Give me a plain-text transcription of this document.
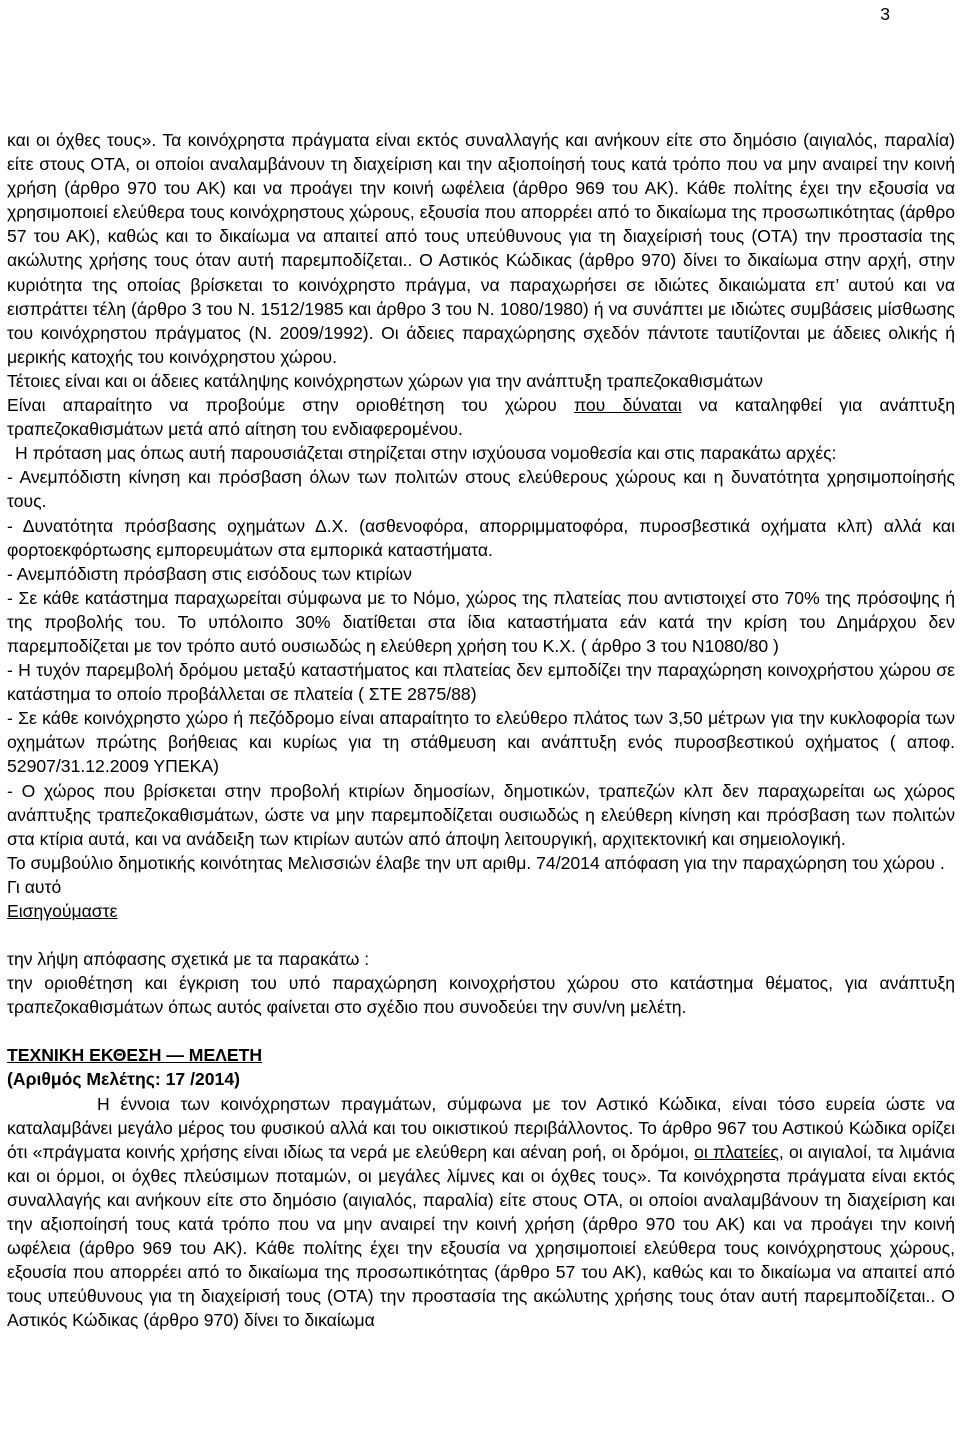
3

και οι όχθες τους». Τα κοινόχρηστα πράγματα είναι εκτός συναλλαγής και ανήκουν είτε στο δημόσιο (αιγιαλός, παραλία) είτε στους ΟΤΑ, οι οποίοι αναλαμβάνουν τη διαχείριση και την αξιοποίησή τους κατά τρόπο που να μην αναιρεί την κοινή χρήση (άρθρο 970 του ΑΚ) και να προάγει την κοινή ωφέλεια (άρθρο 969 του ΑΚ). Κάθε πολίτης έχει την εξουσία να χρησιμοποιεί ελεύθερα τους κοινόχρηστους χώρους, εξουσία που απορρέει από το δικαίωμα της προσωπικότητας (άρθρο 57 του ΑΚ), καθώς και το δικαίωμα να απαιτεί από τους υπεύθυνους για τη διαχείρισή τους (ΟΤΑ) την προστασία της ακώλυτης χρήσης τους όταν αυτή παρεμποδίζεται.. Ο Αστικός Κώδικας (άρθρο 970) δίνει το δικαίωμα στην αρχή, στην κυριότητα της οποίας βρίσκεται το κοινόχρηστο πράγμα, να παραχωρήσει σε ιδιώτες δικαιώματα επ’ αυτού και να εισπράττει τέλη (άρθρο 3 του Ν. 1512/1985 και άρθρο 3 του Ν. 1080/1980) ή να συνάπτει με ιδιώτες συμβάσεις μίσθωσης του κοινόχρηστου πράγματος (Ν. 2009/1992). Οι άδειες παραχώρησης σχεδόν πάντοτε ταυτίζονται με άδειες ολικής ή μερικής κατοχής του κοινόχρηστου χώρου.

Τέτοιες είναι και οι άδειες κατάληψης κοινόχρηστων χώρων για την ανάπτυξη τραπεζοκαθισμάτων

Είναι απαραίτητο να προβούμε στην οριοθέτηση του χώρου που δύναται να καταληφθεί για ανάπτυξη τραπεζοκαθισμάτων μετά από αίτηση του ενδιαφερομένου.

Η πρόταση μας όπως αυτή παρουσιάζεται στηρίζεται στην ισχύουσα νομοθεσία και στις παρακάτω αρχές:

- Ανεμπόδιστη κίνηση και πρόσβαση όλων των πολιτών στους ελεύθερους χώρους και η δυνατότητα χρησιμοποίησής τους.

- Δυνατότητα πρόσβασης οχημάτων Δ.Χ. (ασθενοφόρα, απορριμματοφόρα, πυροσβεστικά οχήματα κλπ) αλλά και φορτοεκφόρτωσης εμπορευμάτων στα εμπορικά καταστήματα.

- Ανεμπόδιστη πρόσβαση στις εισόδους των κτιρίων

- Σε κάθε κατάστημα παραχωρείται σύμφωνα με το Νόμο, χώρος της πλατείας που αντιστοιχεί στο 70% της πρόσοψης ή της προβολής του. Το υπόλοιπο 30% διατίθεται στα ίδια καταστήματα εάν κατά την κρίση του Δημάρχου δεν παρεμποδίζεται με τον τρόπο αυτό ουσιωδώς η ελεύθερη χρήση του Κ.Χ. ( άρθρο 3 του Ν1080/80 )

- Η τυχόν παρεμβολή δρόμου μεταξύ καταστήματος και πλατείας δεν εμποδίζει την παραχώρηση κοινοχρήστου χώρου σε κατάστημα το οποίο προβάλλεται σε πλατεία ( ΣΤΕ 2875/88)

- Σε κάθε κοινόχρηστο χώρο ή πεζόδρομο είναι απαραίτητο το ελεύθερο πλάτος των 3,50 μέτρων για την κυκλοφορία των οχημάτων πρώτης βοήθειας και κυρίως για τη στάθμευση και ανάπτυξη ενός πυροσβεστικού οχήματος ( αποφ. 52907/31.12.2009 ΥΠΕΚΑ)

- Ο χώρος που βρίσκεται στην προβολή κτιρίων δημοσίων, δημοτικών, τραπεζών κλπ δεν παραχωρείται ως χώρος ανάπτυξης τραπεζοκαθισμάτων, ώστε να μην παρεμποδίζεται ουσιωδώς η ελεύθερη κίνηση και πρόσβαση των πολιτών στα κτίρια αυτά, και να ανάδειξη των κτιρίων αυτών από άποψη λειτουργική, αρχιτεκτονική και σημειολογική.

Το συμβούλιο δημοτικής κοινότητας Μελισσιών έλαβε την υπ αριθμ. 74/2014 απόφαση για την παραχώρηση του χώρου .

Γι αυτό

Εισηγούμαστε

την λήψη απόφασης σχετικά με τα παρακάτω :

την οριοθέτηση και έγκριση του υπό παραχώρηση κοινοχρήστου χώρου στο κατάστημα θέματος, για ανάπτυξη τραπεζοκαθισμάτων όπως αυτός φαίνεται στο σχέδιο που συνοδεύει την συν/νη μελέτη.

ΤΕΧΝΙΚΗ ΕΚΘΕΣΗ — ΜΕΛΕΤΗ

(Αριθμός Μελέτης: 17 /2014)

Η έννοια των κοινόχρηστων πραγμάτων, σύμφωνα με τον Αστικό Κώδικα, είναι τόσο ευρεία ώστε να καταλαμβάνει μεγάλο μέρος του φυσικού αλλά και του οικιστικού περιβάλλοντος. Το άρθρο 967 του Αστικού Κώδικα ορίζει ότι «πράγματα κοινής χρήσης είναι ιδίως τα νερά με ελεύθερη και αέναη ροή, οι δρόμοι, οι πλατείες, οι αιγιαλοί, τα λιμάνια και οι όρμοι, οι όχθες πλεύσιμων ποταμών, οι μεγάλες λίμνες και οι όχθες τους». Τα κοινόχρηστα πράγματα είναι εκτός συναλλαγής και ανήκουν είτε στο δημόσιο (αιγιαλός, παραλία) είτε στους ΟΤΑ, οι οποίοι αναλαμβάνουν τη διαχείριση και την αξιοποίησή τους κατά τρόπο που να μην αναιρεί την κοινή χρήση (άρθρο 970 του ΑΚ) και να προάγει την κοινή ωφέλεια (άρθρο 969 του ΑΚ). Κάθε πολίτης έχει την εξουσία να χρησιμοποιεί ελεύθερα τους κοινόχρηστους χώρους, εξουσία που απορρέει από το δικαίωμα της προσωπικότητας (άρθρο 57 του ΑΚ), καθώς και το δικαίωμα να απαιτεί από τους υπεύθυνους για τη διαχείρισή τους (ΟΤΑ) την προστασία της ακώλυτης χρήσης τους όταν αυτή παρεμποδίζεται.. Ο Αστικός Κώδικας (άρθρο 970) δίνει το δικαίωμα
